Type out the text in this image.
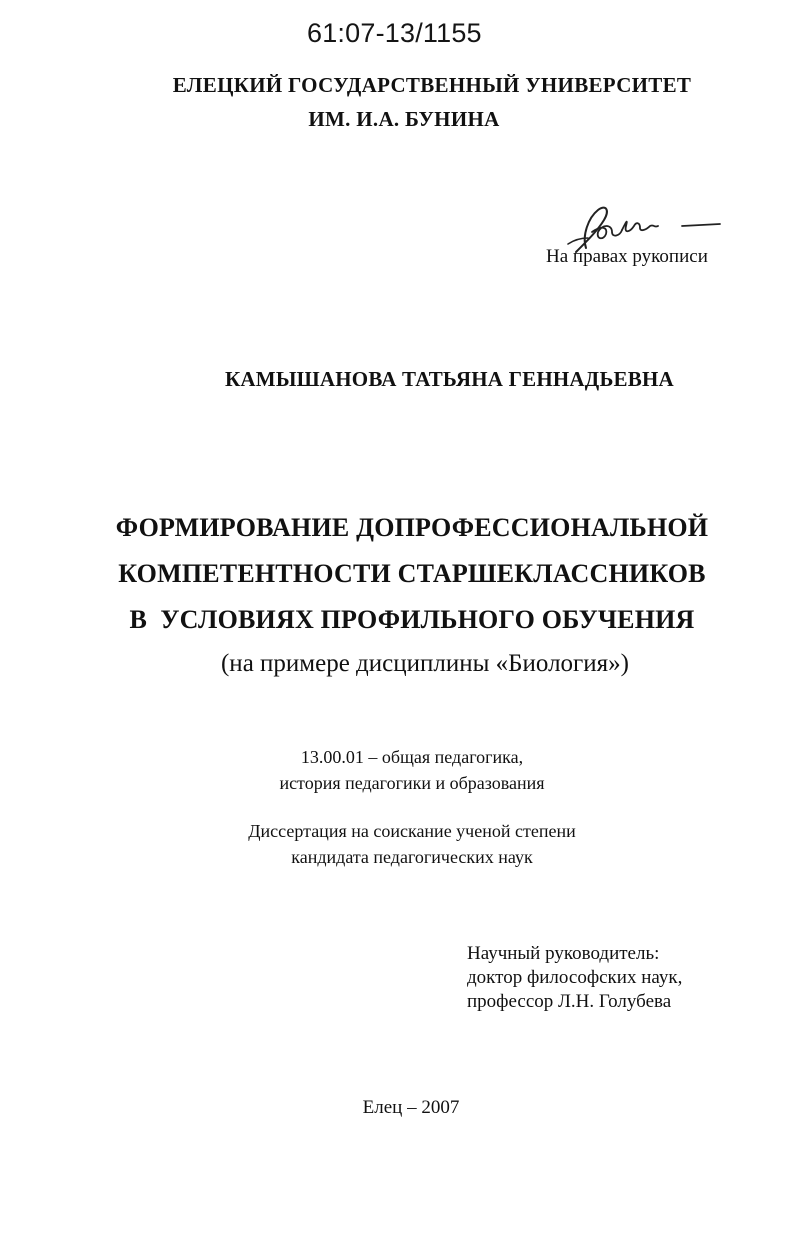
61:07-13/1155
ЕЛЕЦКИЙ ГОСУДАРСТВЕННЫЙ УНИВЕРСИТЕТ
ИМ. И.А. БУНИНА
На правах рукописи
КАМЫШАНОВА ТАТЬЯНА ГЕННАДЬЕВНА
ФОРМИРОВАНИЕ ДОПРОФЕССИОНАЛЬНОЙ
КОМПЕТЕНТНОСТИ СТАРШЕКЛАССНИКОВ
В  УСЛОВИЯХ ПРОФИЛЬНОГО ОБУЧЕНИЯ
(на примере дисциплины «Биология»)
13.00.01 – общая педагогика,
история педагогики и образования
Диссертация на соискание ученой степени
кандидата педагогических наук
Научный руководитель:
доктор философских наук,
профессор Л.Н. Голубева
Елец – 2007
